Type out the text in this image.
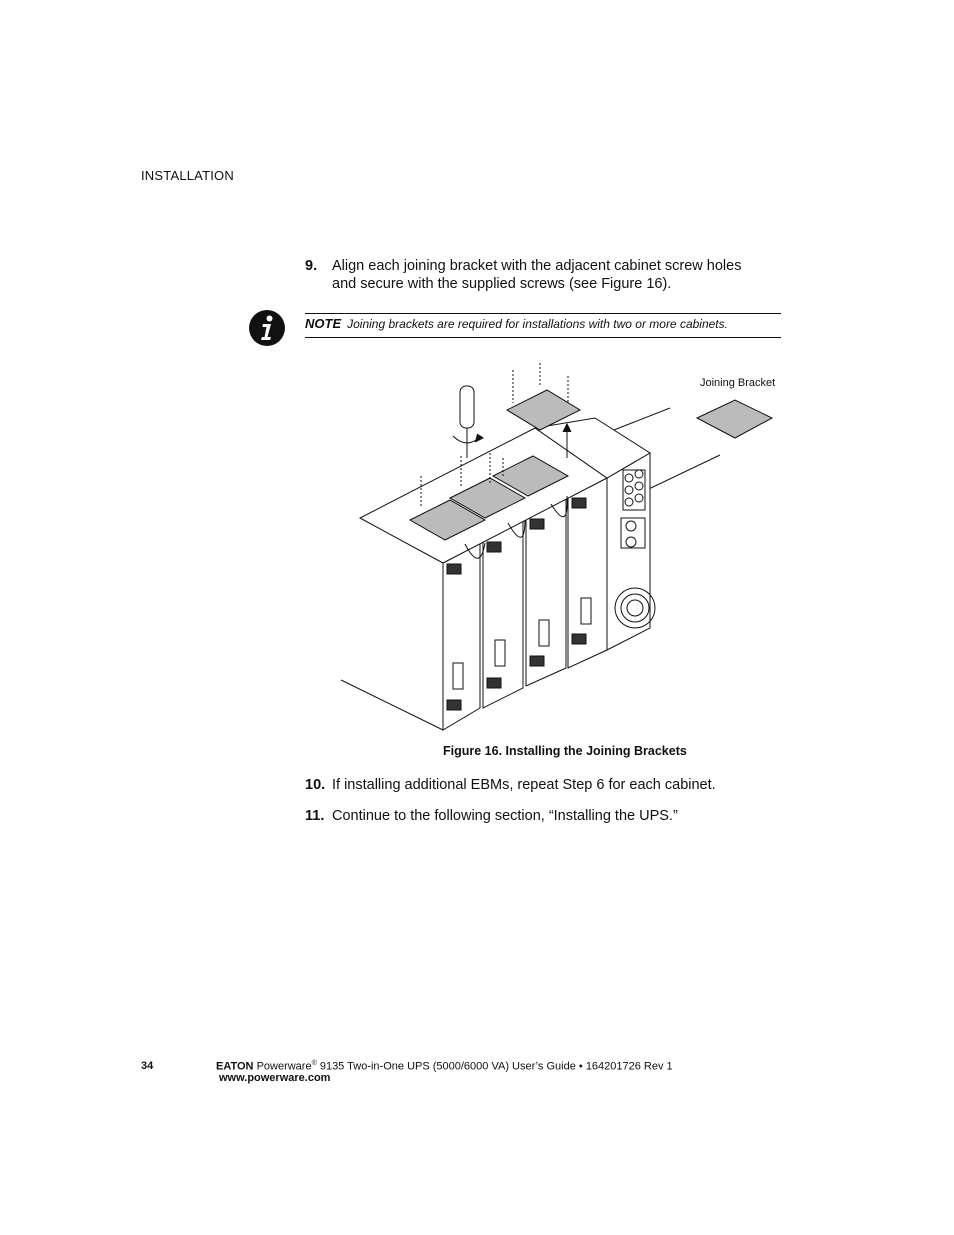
INSTALLATION
9. Align each joining bracket with the adjacent cabinet screw holes
and secure with the supplied screws (see Figure 16).
NOTE Joining brackets are required for installations with two or more cabinets.
Joining Bracket
Figure 16. Installing the Joining Brackets
10. If installing additional EBMs, repeat Step 6 for each cabinet.
11. Continue to the following section, “Installing the UPS.”
34	EATON Powerware® 9135 Two-in-One UPS (5000/6000 VA) User’s Guide • 164201726 Rev 1
www.powerware.com
